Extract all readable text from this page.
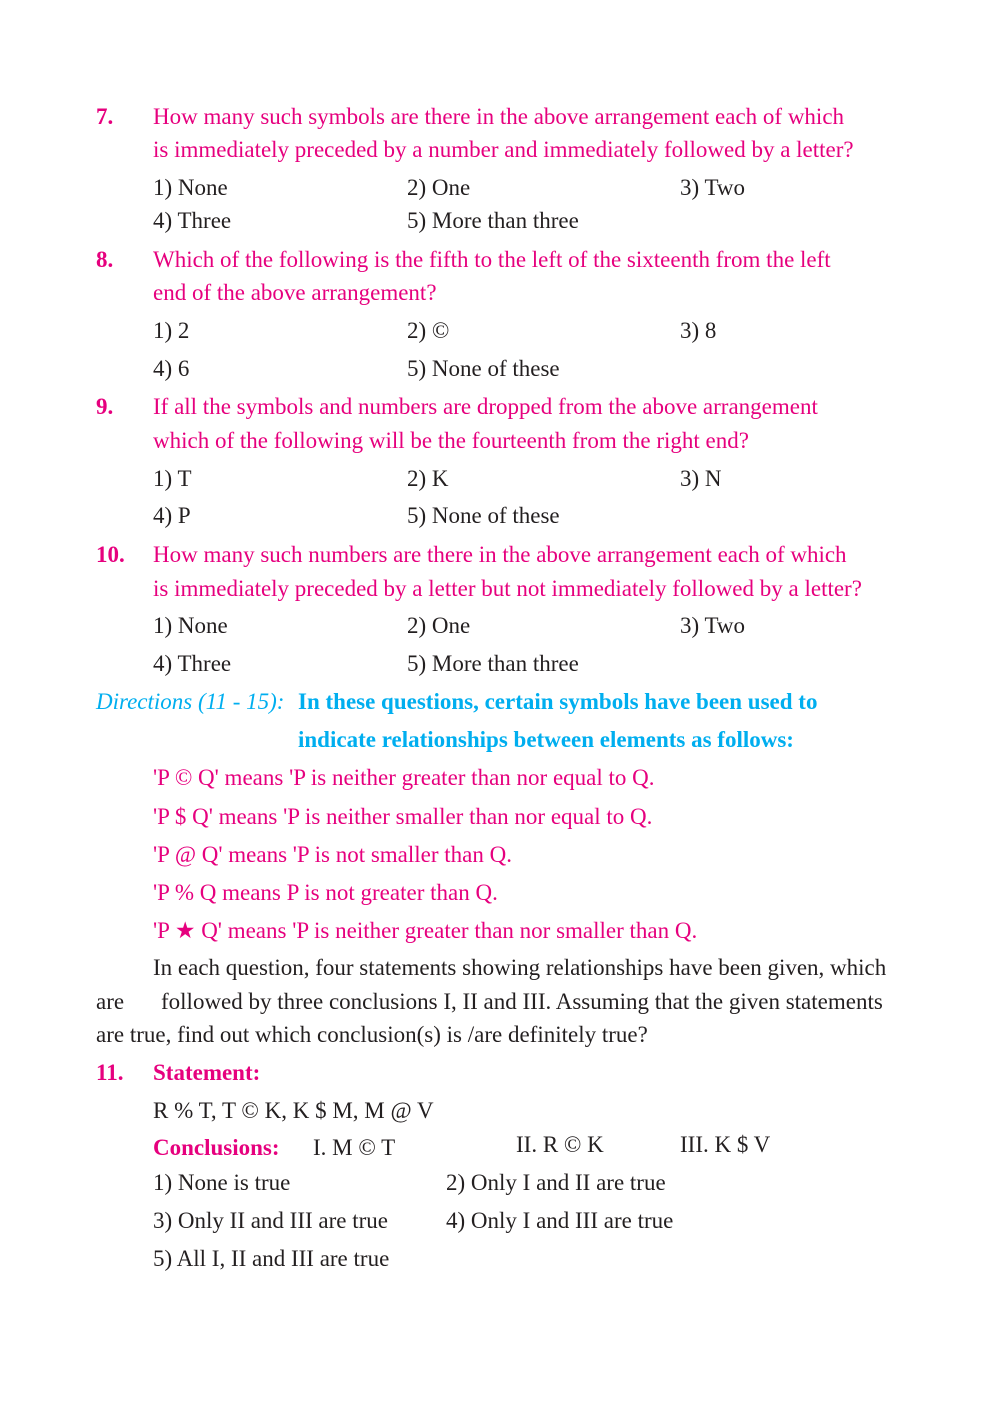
7. How many such symbols are there in the above arrangement each of which
is immediately preceded by a number and immediately followed by a letter?
1) None	2) One	3) Two
4) Three	5) More than three
8. Which of the following is the fifth to the left of the sixteenth from the left
end of the above arrangement?
1) 2	2) ©	3) 8
4) 6	5) None of these
9. If all the symbols and numbers are dropped from the above arrangement
which of the following will be the fourteenth from the right end?
1) T	2) K	3) N
4) P	5) None of these
10. How many such numbers are there in the above arrangement each of which
is immediately preceded by a letter but not immediately followed by a letter?
1) None	2) One	3) Two
4) Three	5) More than three
Directions (11 - 15): In these questions, certain symbols have been used to
indicate relationships between elements as follows:
'P © Q' means 'P is neither greater than nor equal to Q.
'P $ Q' means 'P is neither smaller than nor equal to Q.
'P @ Q' means 'P is not smaller than Q.
'P % Q means P is not greater than Q.
'P ★ Q' means 'P is neither greater than nor smaller than Q.
In each question, four statements showing relationships have been given, which
are followed by three conclusions I, II and III. Assuming that the given statements
are true, find out which conclusion(s) is /are definitely true?
11. Statement:
R % T, T © K, K $ M, M @ V
Conclusions: I. M © T	II. R © K	III. K $ V
1) None is true	2) Only I and II are true
3) Only II and III are true	4) Only I and III are true
5) All I, II and III are true
